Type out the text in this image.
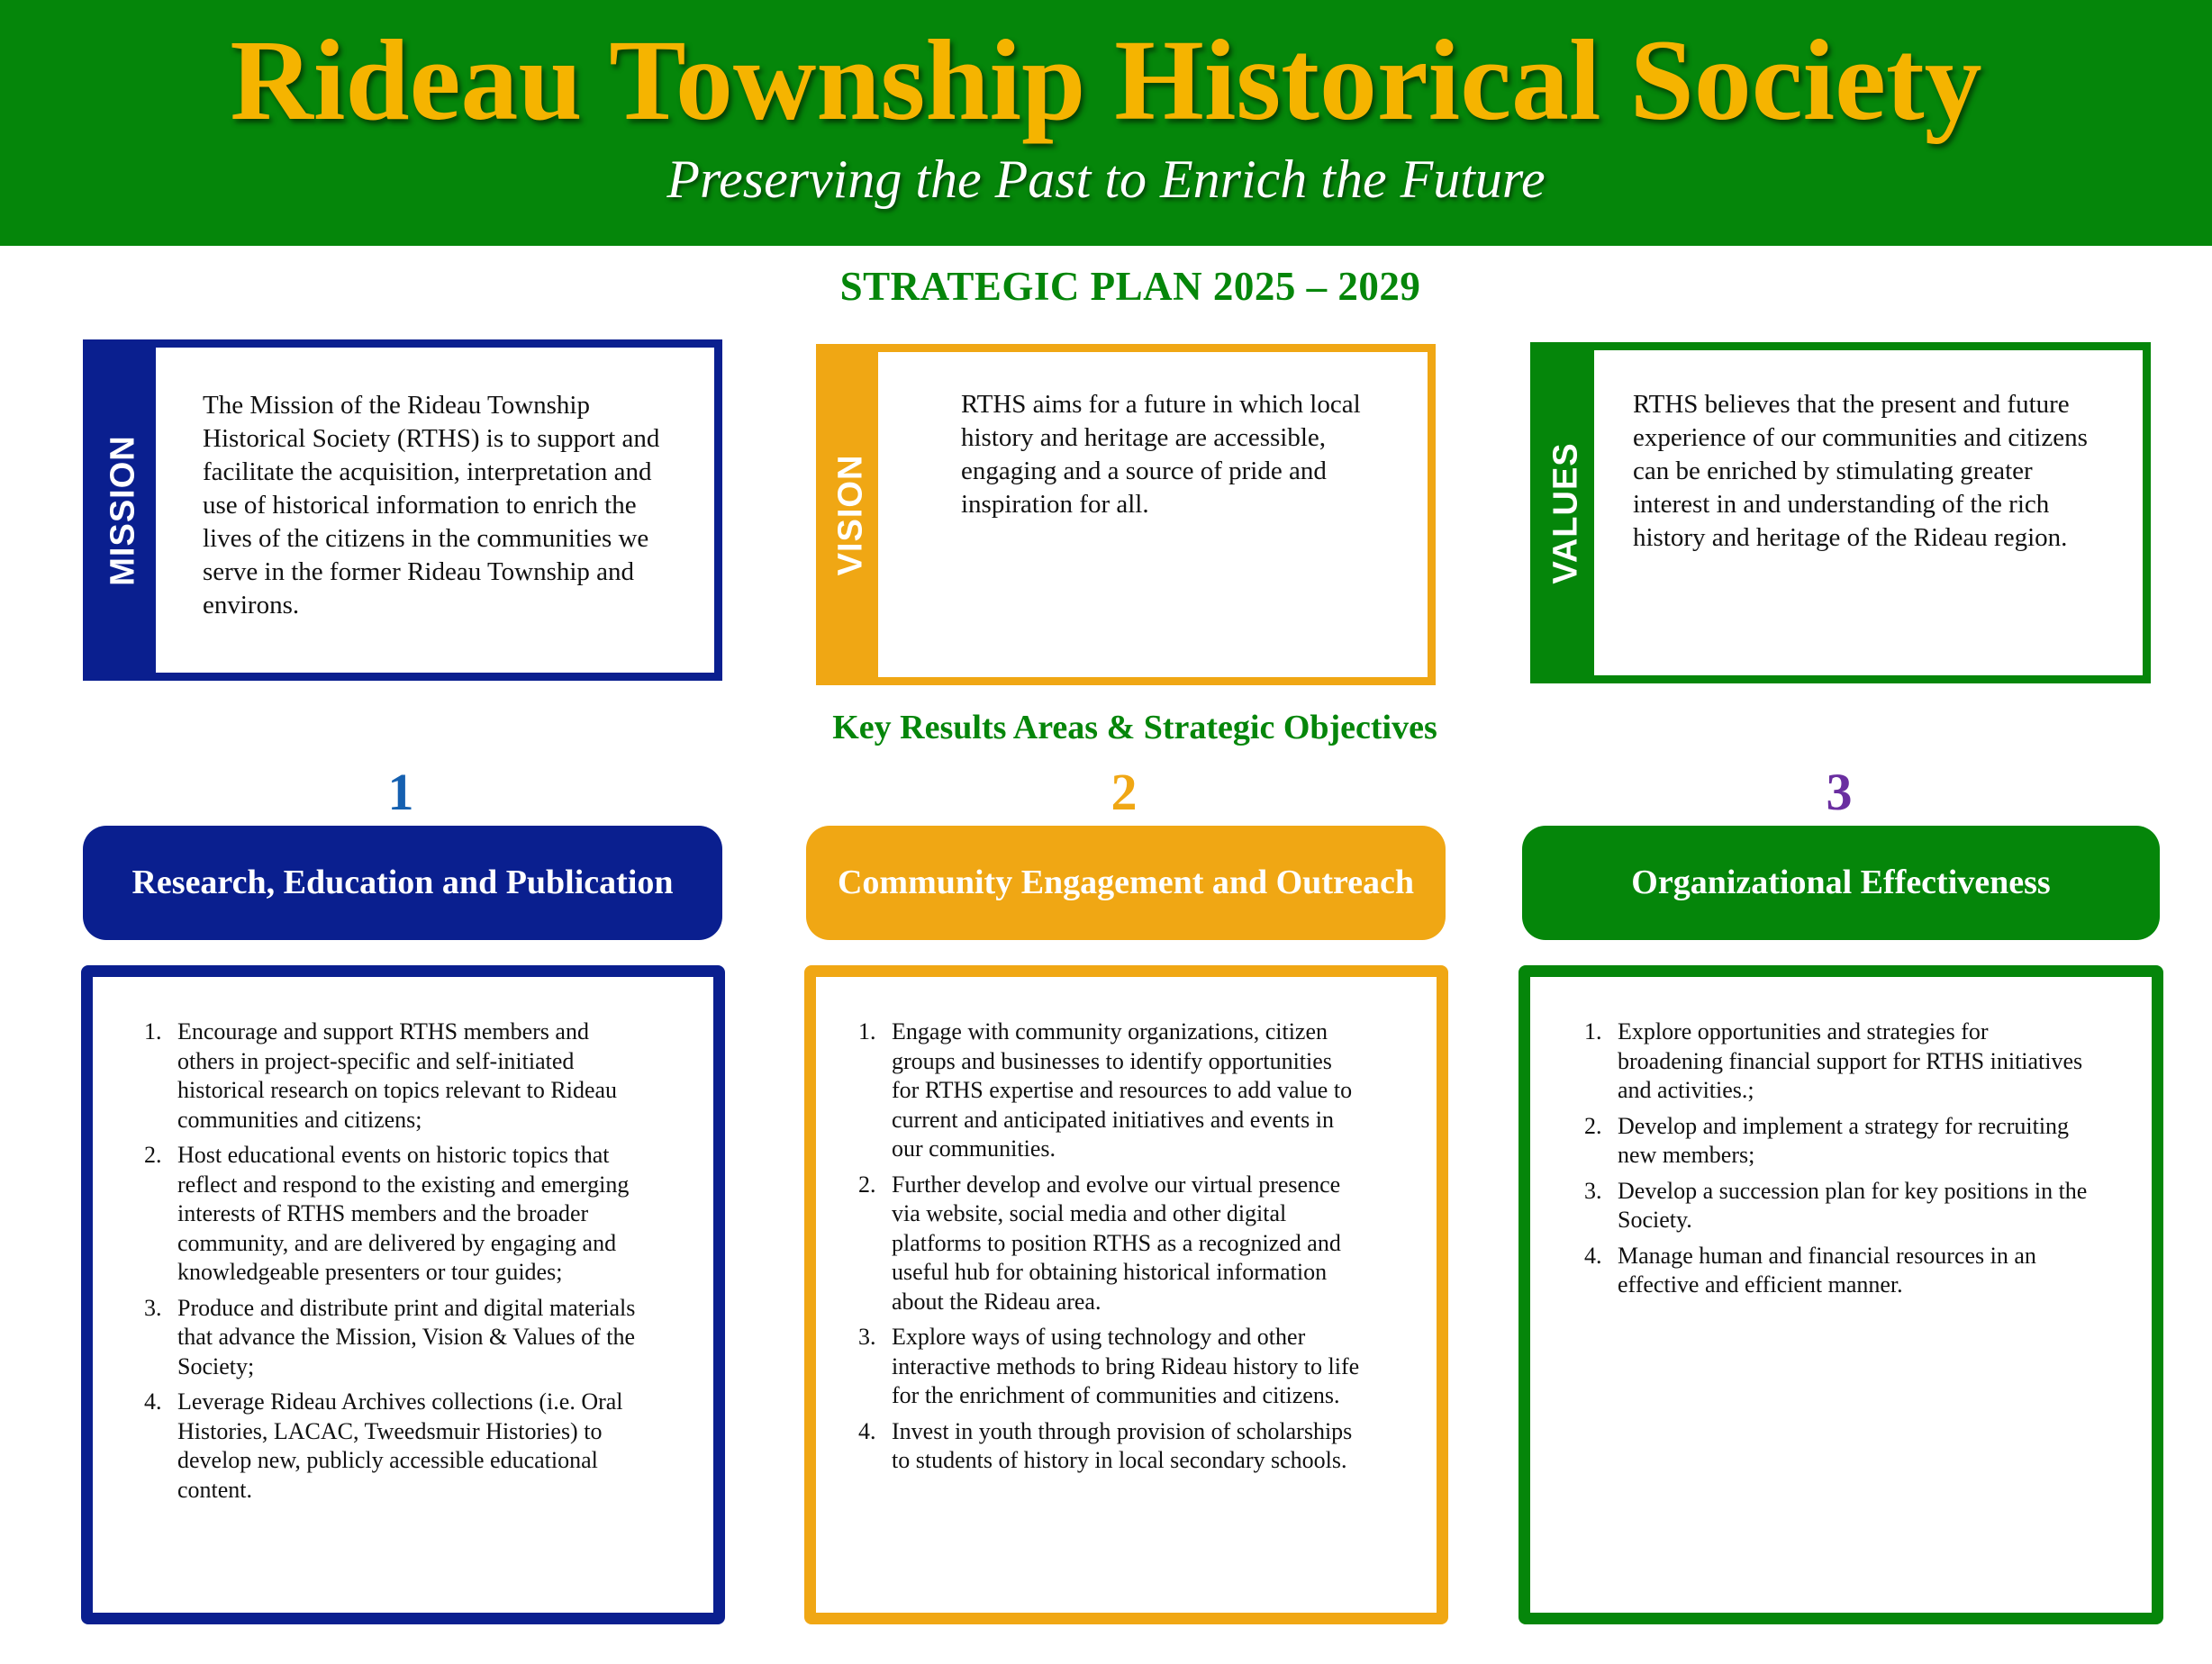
Rideau Township Historical Society
Preserving the Past to Enrich the Future
STRATEGIC PLAN 2025 – 2029
MISSION
The Mission of the Rideau Township Historical Society (RTHS) is to support and facilitate the acquisition, interpretation and use of historical information to enrich the lives of the citizens in the communities we serve in the former Rideau Township and environs.
VISION
RTHS aims for a future in which local history and heritage are accessible, engaging and a source of pride and inspiration for all.	VALUES
RTHS believes that the present and future experience of our communities and citizens can be enriched by stimulating greater interest in and understanding of the rich history and heritage of the Rideau region.
Key Results Areas & Strategic Objectives
1	2	3
Research, Education and Publication	Community Engagement and Outreach	Organizational Effectiveness
1. Encourage and support RTHS members and others in project-specific and self-initiated historical research on topics relevant to Rideau communities and citizens;
2. Host educational events on historic topics that reflect and respond to the existing and emerging interests of RTHS members and the broader community, and are delivered by engaging and knowledgeable presenters or tour guides;
3. Produce and distribute print and digital materials that advance the Mission, Vision & Values of the Society;
4. Leverage Rideau Archives collections (i.e. Oral Histories, LACAC, Tweedsmuir Histories) to develop new, publicly accessible educational content.
1. Engage with community organizations, citizen groups and businesses to identify opportunities for RTHS expertise and resources to add value to current and anticipated initiatives and events in our communities.
2. Further develop and evolve our virtual presence via website, social media and other digital platforms to position RTHS as a recognized and useful hub for obtaining historical information about the Rideau area.
3. Explore ways of using technology and other interactive methods to bring Rideau history to life for the enrichment of communities and citizens.
4. Invest in youth through provision of scholarships to students of history in local secondary schools.
1. Explore opportunities and strategies for broadening financial support for RTHS initiatives and activities.;
2. Develop and implement a strategy for recruiting new members;
3. Develop a succession plan for key positions in the Society.
4. Manage human and financial resources in an effective and efficient manner.
